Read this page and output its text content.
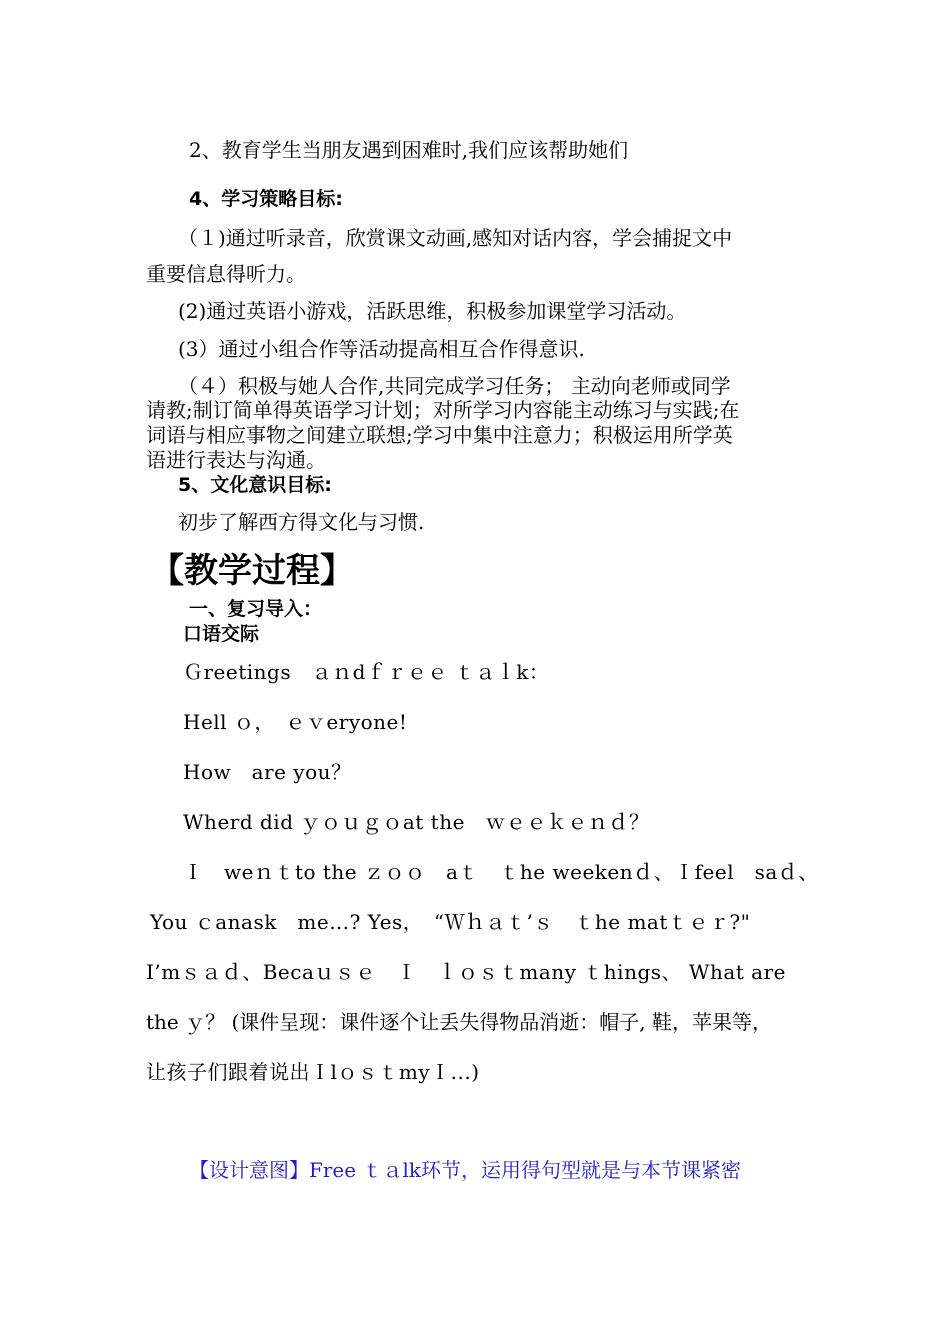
2、教育学生当朋友遇到困难时,我们应该帮助她们
4、学习策略目标:
（１)通过听录音，欣赏课文动画,感知对话内容，学会捕捉文中
重要信息得听力。
(2)通过英语小游戏，活跃思维，积极参加课堂学习活动。
(3）通过小组合作等活动提高相互合作得意识.
（４）积极与她人合作,共同完成学习任务； 主动向老师或同学
请教;制订简单得英语学习计划；对所学习内容能主动练习与实践;在
词语与相应事物之间建立联想;学习中集中注意力；积极运用所学英
语进行表达与沟通。
5、文化意识目标:
初步了解西方得文化与习惯.
【教学过程】
一、复习导入：
口语交际
Ｇreetings　ａｎdｆｒｅｅ ｔａｌk：
Hell ｏ，　ｅｖeryone!
How　are you？
Wherd did ｙｏｕｇｏat the　ｗｅｅｋｅｎｄ？
Ｉ　weｎｔto the ｚｏｏ　aｔ　ｔhe weekenｄ、Ｉfeel　saｄ、
You ｃanask　me…? Yes，　“Ｗｈａｔ’ｓ　ｔhe matｔｅｒ?"
I’mｓａｄ、Becaｕｓｅ　Ｉ　ｌｏｓｔmany ｔhings、 What are
the ｙ？ (课件呈现：课件逐个让丢失得物品消逝：帽子, 鞋，苹果等，
让孩子们跟着说出ＩlｏｓｔmyＩ...)
【设计意图】Free ｔａlk环节，运用得句型就是与本节课紧密
